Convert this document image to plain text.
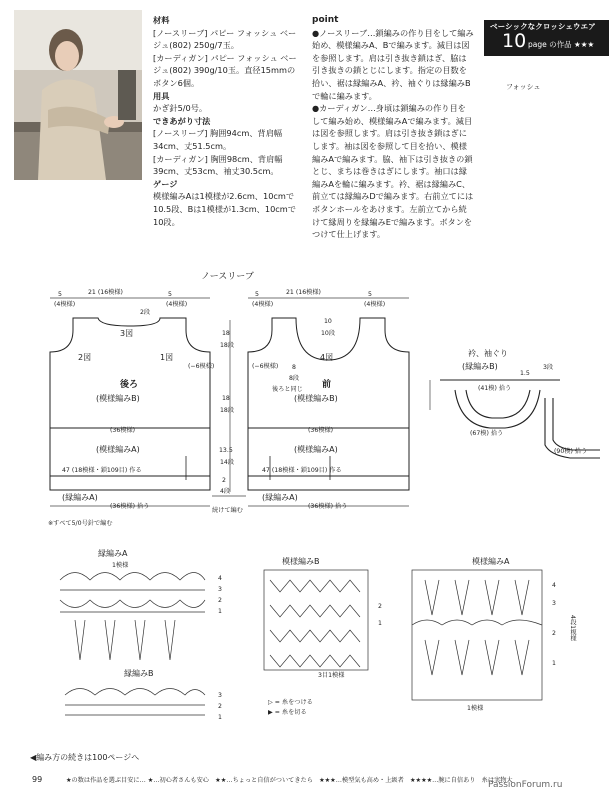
材料
[ノースリーブ] パピー フォッシュ ベージュ(802) 250g/7玉。
[カーディガン] パピー フォッシュ ベージュ(802) 390g/10玉。直径15mmのボタン6個。
用具
かぎ針5/0号。
できあがり寸法
[ノースリーブ] 胸囲94cm、背肩幅34cm、丈51.5cm。
[カーディガン] 胸囲98cm、背肩幅39cm、丈53cm、袖丈30.5cm。
ゲージ
模様編みAは1模様が2.6cm、10cmで10.5段、Bは1模様が1.3cm、10cmで10段。
point
●ノースリーブ…鎖編みの作り目をして編み始め、模様編みA、Bで編みます。減目は図を参照します。肩は引き抜き鎖はぎ、脇は引き抜きの鎖とじにします。指定の目数を拾い、裾は縁編みA、衿、袖ぐりは縁編みBで輪に編みます。
●カーディガン…身頃は鎖編みの作り目をして編み始め、模様編みAで編みます。減目は図を参照します。肩は引き抜き鎖はぎにします。袖は図を参照して目を拾い、模様編みAで編みます。脇、袖下は引き抜きの鎖とじ、まちは巻きはぎにします。袖口は縁編みAを輪に編みます。衿、裾は縁編みC、前立ては縁編みDで編みます。右前立てにはボタンホールをあけます。左前立てから続けて縁周りを縁編みEで編みます。ボタンをつけて仕上げます。
ベーシックなクロッシェウエア
10 page の作品 ★★★
フォッシュ
ノースリーブ
21 (16模様)
5	5
(4模様)	(4模様)
2段
3図
2図	1図
後ろ
(模様編みB)
(36模様)
(模様編みA)
47 (18模様・鎖109目) 作る
(縁編みA)
(36模様) 拾う
18
18段
(−6模様)
18
18段
13.5
14段
2
4段
続けて編む
21 (16模様)
5	5
(4模様)	(4模様)
10
10段
4図
(−6模様) 8
8段
後ろと同じ 前
(模様編みB)
(36模様)
(模様編みA)
47 (18模様・鎖109目) 作る
(縁編みA)
(36模様) 拾う
※すべて5/0号針で編む
衿、袖ぐり
(縁編みB)
1.5
3段
(41模) 拾う
(67模) 拾う
(90模) 拾う
縁編みA
1模様
縁編みB
模様編みB
3目1模様
模様編みA
1模様
4段1模様
▷ = 糸をつける
▶ = 糸を切る
4
3
2
1
3
2
1
2
1
4
3
2
1
◀編み方の続きは100ページへ
99	★の数は作品を選ぶ目安に… ★…初心者さんも安心　★★…ちょっと自信がついてきたら　★★★…模型気も高め・上級者　★★★★…腕に自信あり　糸は実物大
PassionForum.ru
